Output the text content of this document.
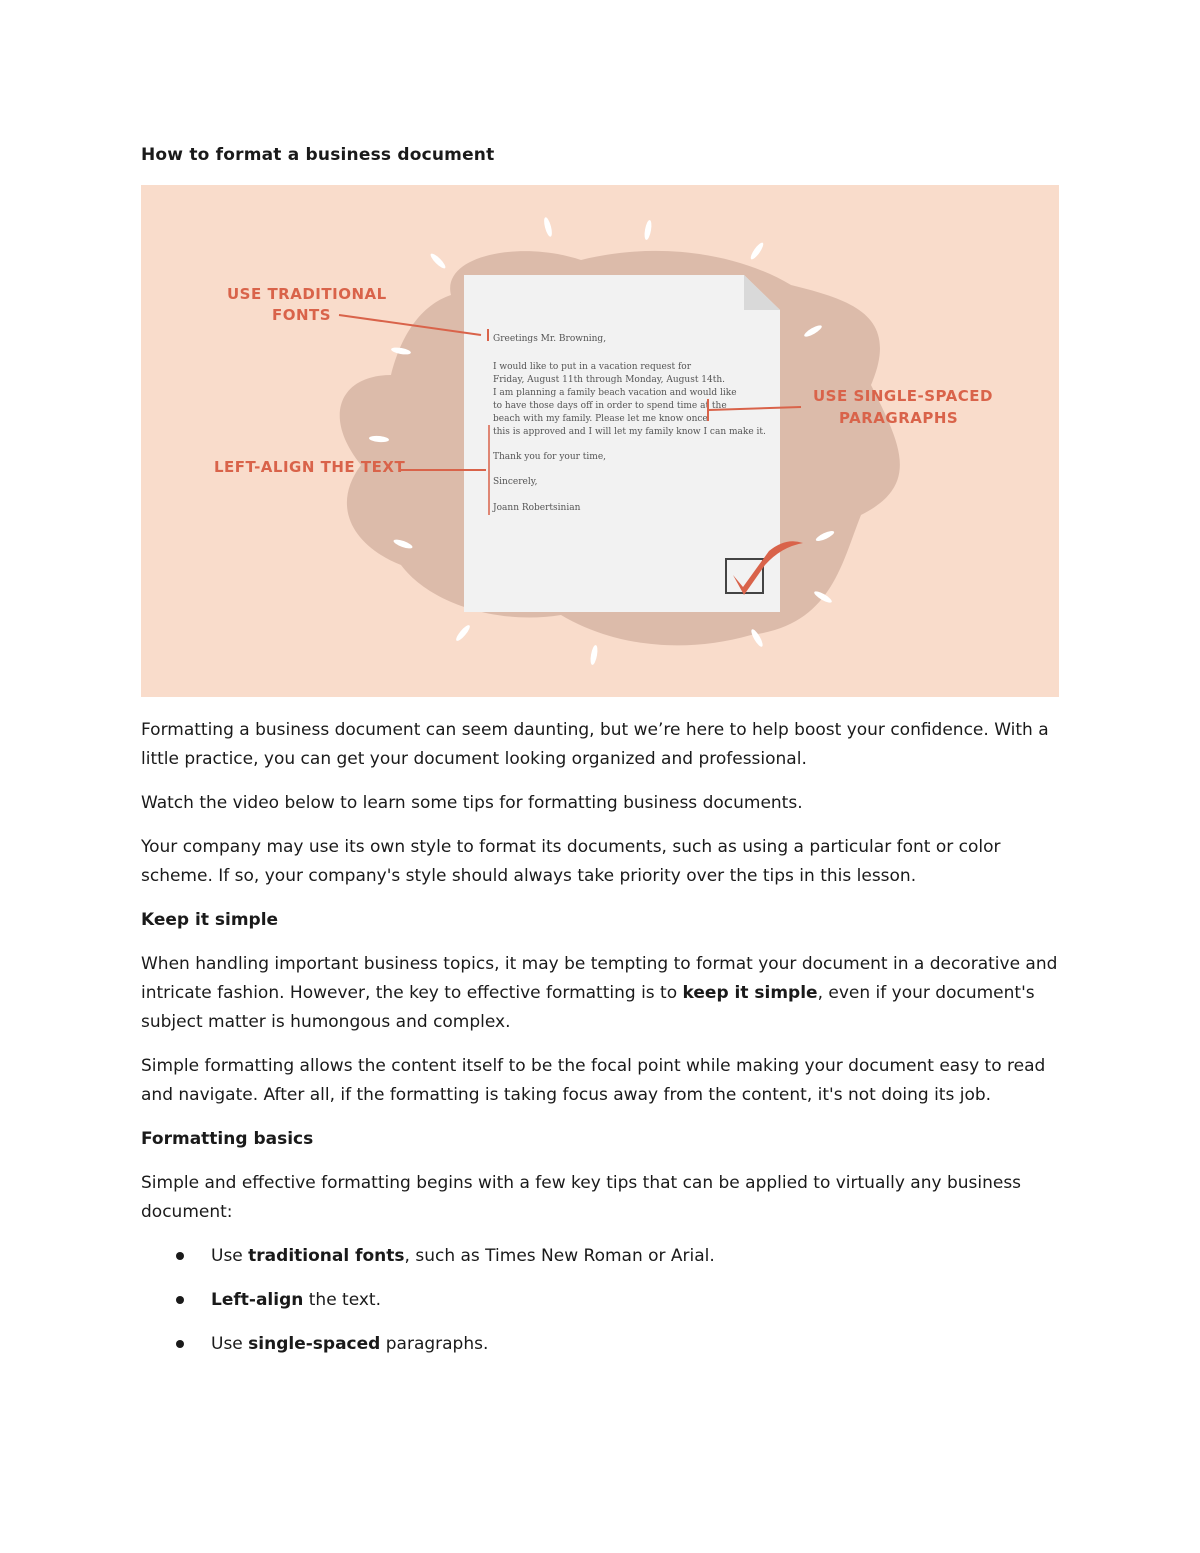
How to format a business document
Greetings Mr. Browning,
I would like to put in a vacation request for
Friday, August 11th through Monday, August 14th.
I am planning a family beach vacation and would like
to have those days off in order to spend time at the
beach with my family. Please let me know once
this is approved and I will let my family know I can make it.
Thank you for your time,
Sincerely,
Joann Robertsinian
USE TRADITIONAL
FONTS
LEFT-ALIGN THE TEXT
USE SINGLE-SPACED
PARAGRAPHS

Formatting a business document can seem daunting, but we’re here to help boost your confidence. With a little practice, you can get your document looking organized and professional.

Watch the video below to learn some tips for formatting business documents.

Your company may use its own style to format its documents, such as using a particular font or color scheme. If so, your company's style should always take priority over the tips in this lesson.

Keep it simple

When handling important business topics, it may be tempting to format your document in a decorative and intricate fashion. However, the key to effective formatting is to keep it simple, even if your document's subject matter is humongous and complex.

Simple formatting allows the content itself to be the focal point while making your document easy to read and navigate. After all, if the formatting is taking focus away from the content, it's not doing its job.

Formatting basics

Simple and effective formatting begins with a few key tips that can be applied to virtually any business document:

Use traditional fonts, such as Times New Roman or Arial.
Left-align the text.
Use single-spaced paragraphs.
